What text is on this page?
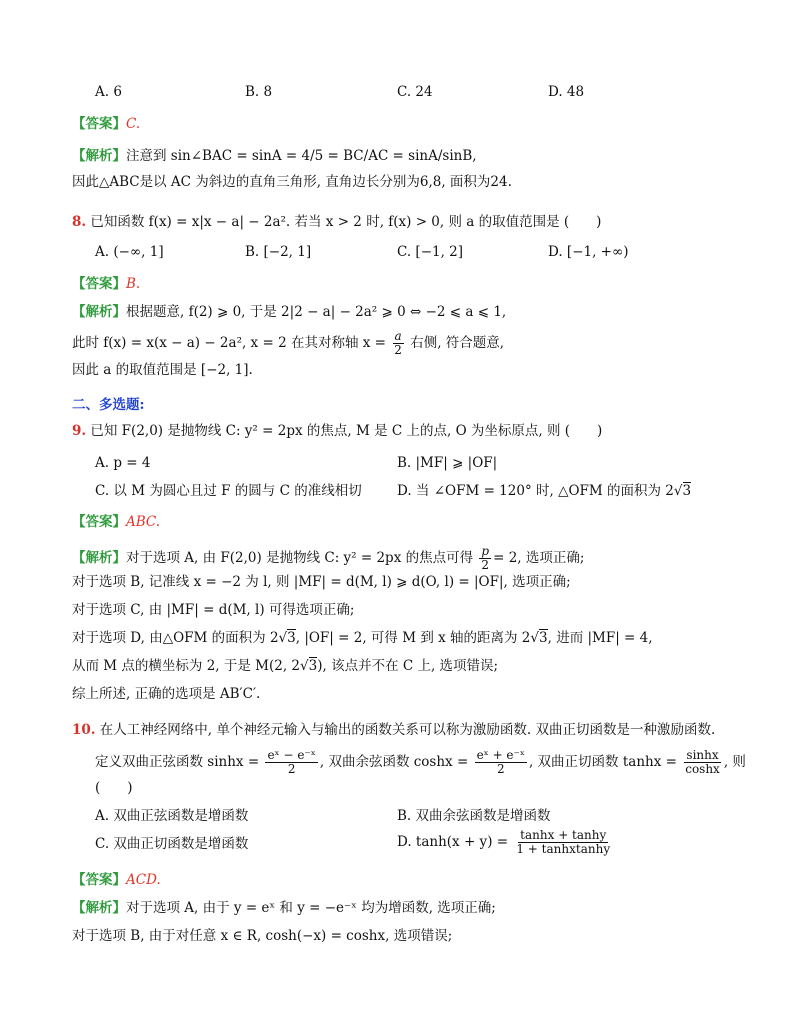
A. 6	B. 8	C. 24	D. 48
【答案】C.
【解析】注意到 sin∠BAC = sinA = 4/5 = BC/AC = sinA/sinB,
因此△ABC是以 AC 为斜边的直角三角形, 直角边长分别为6,8, 面积为24.
8. 已知函数 f(x) = x|x − a| − 2a². 若当 x > 2 时, f(x) > 0, 则 a 的取值范围是 (　　)
A. (−∞, 1]	B. [−2, 1]	C. [−1, 2]	D. [−1, +∞)
【答案】B.
【解析】根据题意, f(2) ⩾ 0, 于是 2|2 − a| − 2a² ⩾ 0 ⇔ −2 ⩽ a ⩽ 1,
此时 f(x) = x(x − a) − 2a², x = 2 在其对称轴 $x = \frac{a}{2}$ 右侧, 符合题意,
因此 a 的取值范围是 [−2, 1].
二、多选题:
9. 已知 F(2,0) 是抛物线 C: y² = 2px 的焦点, M 是 C 上的点, O 为坐标原点, 则 (　　)
A. p = 4	B. |MF| ⩾ |OF|
C. 以 M 为圆心且过 F 的圆与 C 的准线相切	D. 当 ∠OFM = 120° 时, △OFM 的面积为 2√3
【答案】ABC.
【解析】对于选项 A, 由 F(2,0) 是抛物线 C: y² = 2px 的焦点可得 $\frac{p}{2} = 2$, 选项正确;
对于选项 B, 记准线 x = −2 为 l, 则 |MF| = d(M, l) ⩾ d(O, l) = |OF|, 选项正确;
对于选项 C, 由 |MF| = d(M, l) 可得选项正确;
对于选项 D, 由△OFM 的面积为 2√3, |OF| = 2, 可得 M 到 x 轴的距离为 2√3, 进而 |MF| = 4,
从而 M 点的横坐标为 2, 于是 M(2, 2√3), 该点并不在 C 上, 选项错误;
综上所述, 正确的选项是 AB′C′.
10. 在人工神经网络中, 单个神经元输入与输出的函数关系可以称为激励函数. 双曲正切函数是一种激励函数.
定义双曲正弦函数 $\sinh x = \frac{\text{eˣ − e⁻ˣ}}{2}$ , 双曲余弦函数 $\cosh x = \frac{\text{eˣ + e⁻ˣ}}{2}$ , 双曲正切函数 $\tanh x = \frac{\sinh x}{\cosh x}$ , 则
(　　)
A. 双曲正弦函数是增函数	B. 双曲余弦函数是增函数
C. 双曲正切函数是增函数	D. $\tanh(x + y) = \frac{\tanh x + \tanh y}{\text{1 + tanhxtanhy}}$
【答案】ACD.
【解析】对于选项 A, 由于 y = eˣ 和 y = −e⁻ˣ 均为增函数, 选项正确;
对于选项 B, 由于对任意 x ∈ R, cosh(−x) = coshx, 选项错误;
